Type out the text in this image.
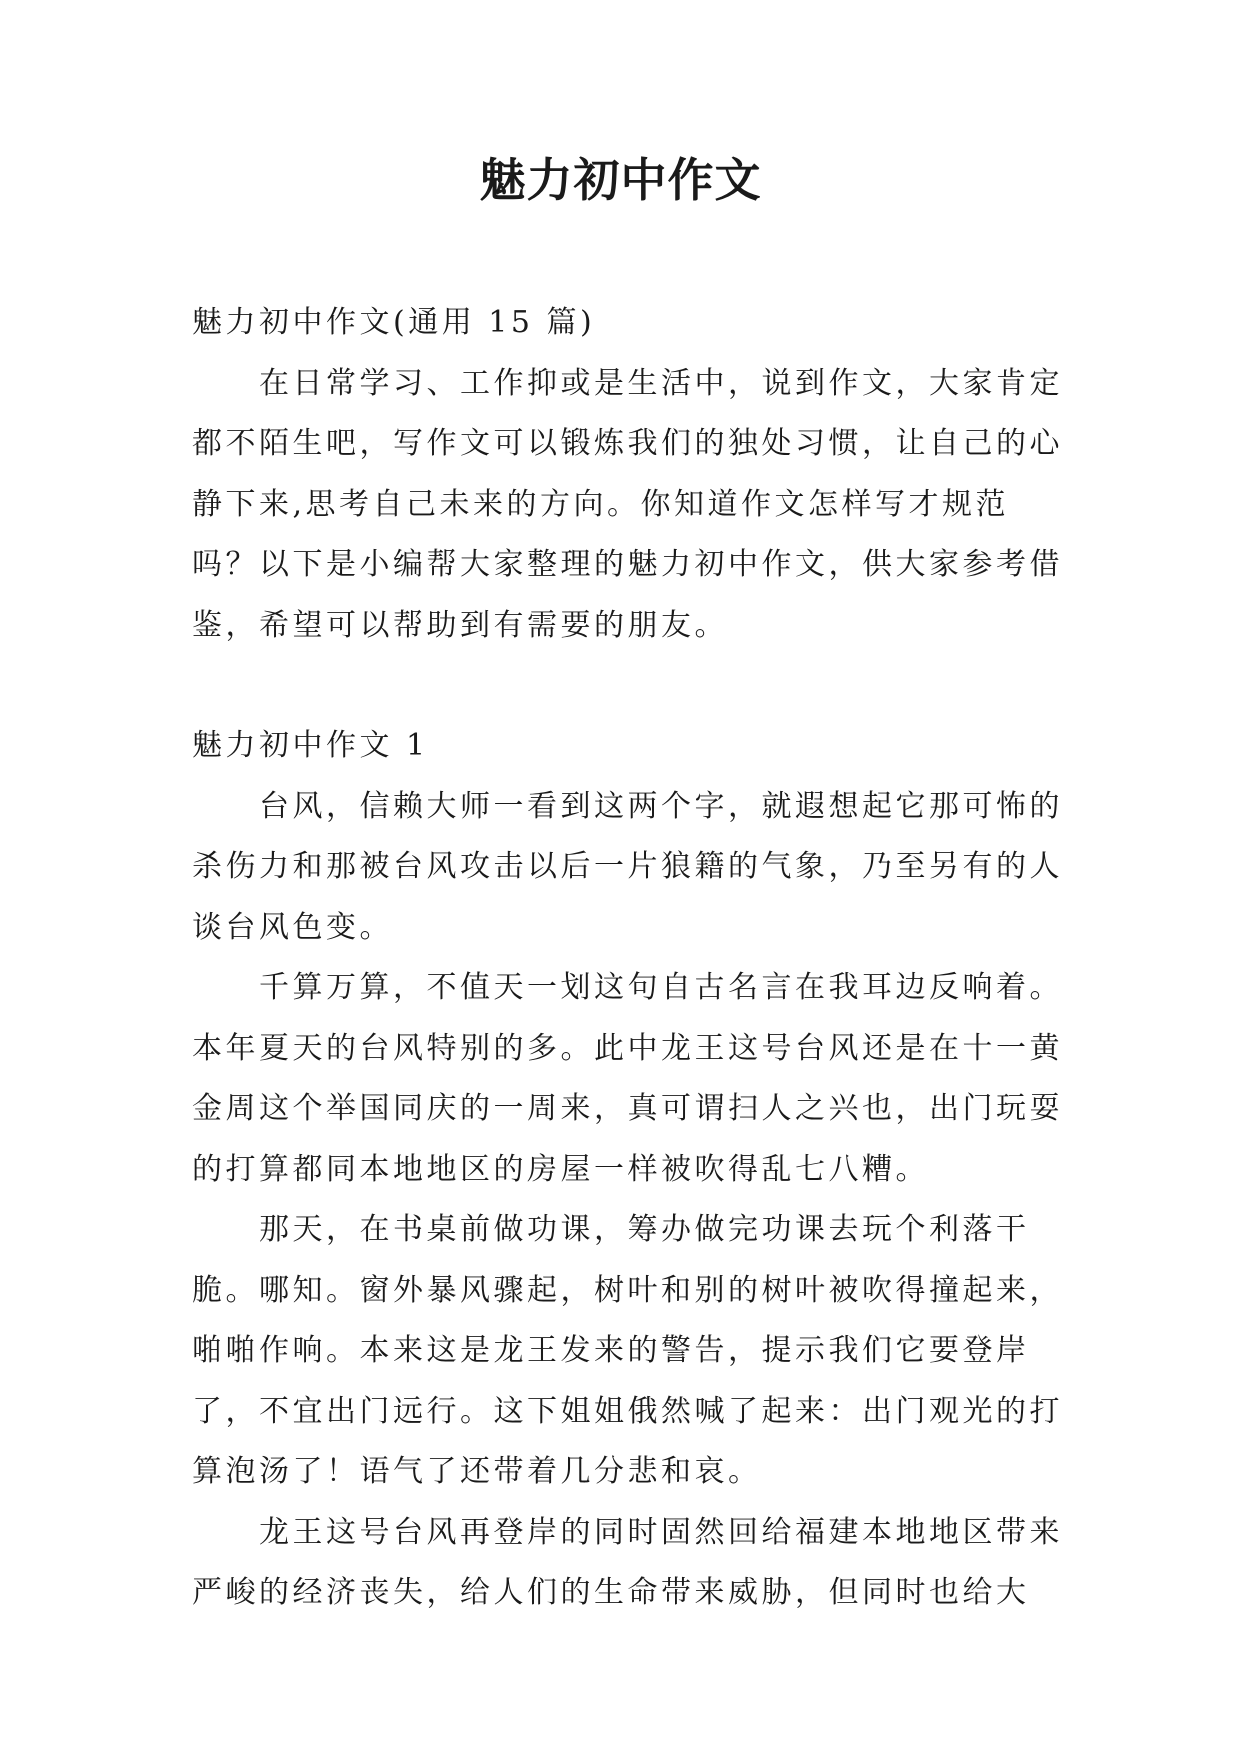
魅力初中作文

魅力初中作文(通用 15 篇)

在日常学习、工作抑或是生活中，说到作文，大家肯定都不陌生吧，写作文可以锻炼我们的独处习惯，让自己的心静下来,思考自己未来的方向。你知道作文怎样写才规范吗？以下是小编帮大家整理的魅力初中作文，供大家参考借鉴，希望可以帮助到有需要的朋友。

魅力初中作文 1

台风，信赖大师一看到这两个字，就遐想起它那可怖的杀伤力和那被台风攻击以后一片狼籍的气象，乃至另有的人谈台风色变。

千算万算，不值天一划这句自古名言在我耳边反响着。本年夏天的台风特别的多。此中龙王这号台风还是在十一黄金周这个举国同庆的一周来，真可谓扫人之兴也，出门玩耍的打算都同本地地区的房屋一样被吹得乱七八糟。

那天，在书桌前做功课，筹办做完功课去玩个利落干脆。哪知。窗外暴风骤起，树叶和别的树叶被吹得撞起来，啪啪作响。本来这是龙王发来的警告，提示我们它要登岸了，不宜出门远行。这下姐姐俄然喊了起来：出门观光的打算泡汤了！语气了还带着几分悲和哀。

龙王这号台风再登岸的同时固然回给福建本地地区带来严峻的经济丧失，给人们的生命带来威胁，但同时也给大
